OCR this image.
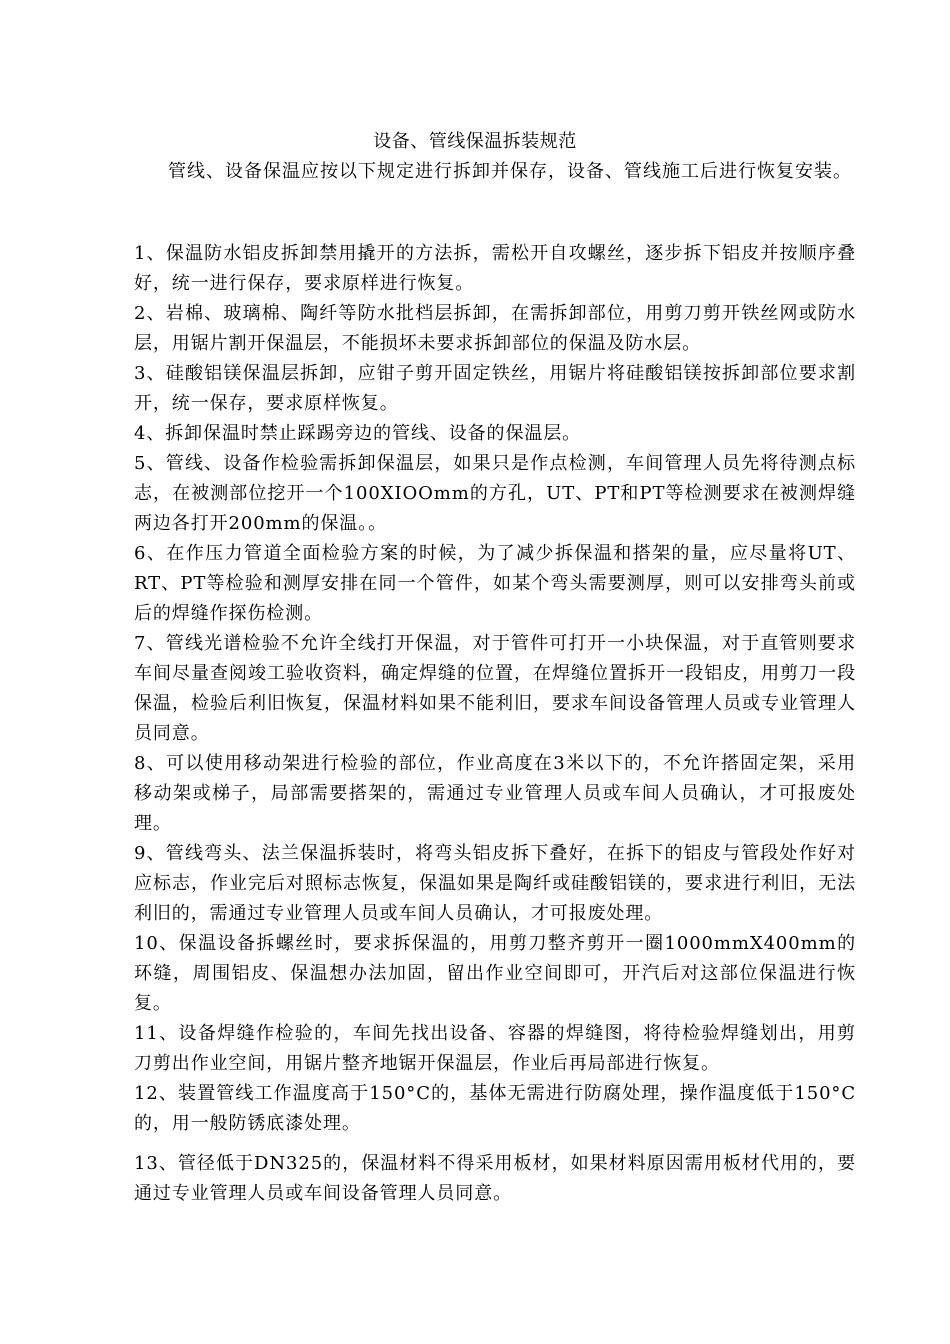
设备、管线保温拆装规范
管线、设备保温应按以下规定进行拆卸并保存，设备、管线施工后进行恢复安装。

1、保温防水铝皮拆卸禁用撬开的方法拆，需松开自攻螺丝，逐步拆下铝皮并按顺序叠好，统一进行保存，要求原样进行恢复。

2、岩棉、玻璃棉、陶纤等防水批档层拆卸，在需拆卸部位，用剪刀剪开铁丝网或防水层，用锯片割开保温层，不能损坏未要求拆卸部位的保温及防水层。

3、硅酸铝镁保温层拆卸，应钳子剪开固定铁丝，用锯片将硅酸铝镁按拆卸部位要求割开，统一保存，要求原样恢复。

4、拆卸保温时禁止踩踢旁边的管线、设备的保温层。

5、管线、设备作检验需拆卸保温层，如果只是作点检测，车间管理人员先将待测点标志，在被测部位挖开一个100XIOOmm的方孔，UT、PT和PT等检测要求在被测焊缝两边各打开200mm的保温。。

6、在作压力管道全面检验方案的时候，为了减少拆保温和搭架的量，应尽量将UT、RT、PT等检验和测厚安排在同一个管件，如某个弯头需要测厚，则可以安排弯头前或后的焊缝作探伤检测。

7、管线光谱检验不允许全线打开保温，对于管件可打开一小块保温，对于直管则要求车间尽量查阅竣工验收资料，确定焊缝的位置，在焊缝位置拆开一段铝皮，用剪刀一段保温，检验后利旧恢复，保温材料如果不能利旧，要求车间设备管理人员或专业管理人员同意。

8、可以使用移动架进行检验的部位，作业高度在3米以下的，不允许搭固定架，采用移动架或梯子，局部需要搭架的，需通过专业管理人员或车间人员确认，才可报废处理。

9、管线弯头、法兰保温拆装时，将弯头铝皮拆下叠好，在拆下的铝皮与管段处作好对应标志，作业完后对照标志恢复，保温如果是陶纤或硅酸铝镁的，要求进行利旧，无法利旧的，需通过专业管理人员或车间人员确认，才可报废处理。

10、保温设备拆螺丝时，要求拆保温的，用剪刀整齐剪开一圈1000mmX400mm的环缝，周围铝皮、保温想办法加固，留出作业空间即可，开汽后对这部位保温进行恢复。

11、设备焊缝作检验的，车间先找出设备、容器的焊缝图，将待检验焊缝划出，用剪刀剪出作业空间，用锯片整齐地锯开保温层，作业后再局部进行恢复。

12、装置管线工作温度高于150°C的，基体无需进行防腐处理，操作温度低于150°C的，用一般防锈底漆处理。

13、管径低于DN325的，保温材料不得采用板材，如果材料原因需用板材代用的，要通过专业管理人员或车间设备管理人员同意。
